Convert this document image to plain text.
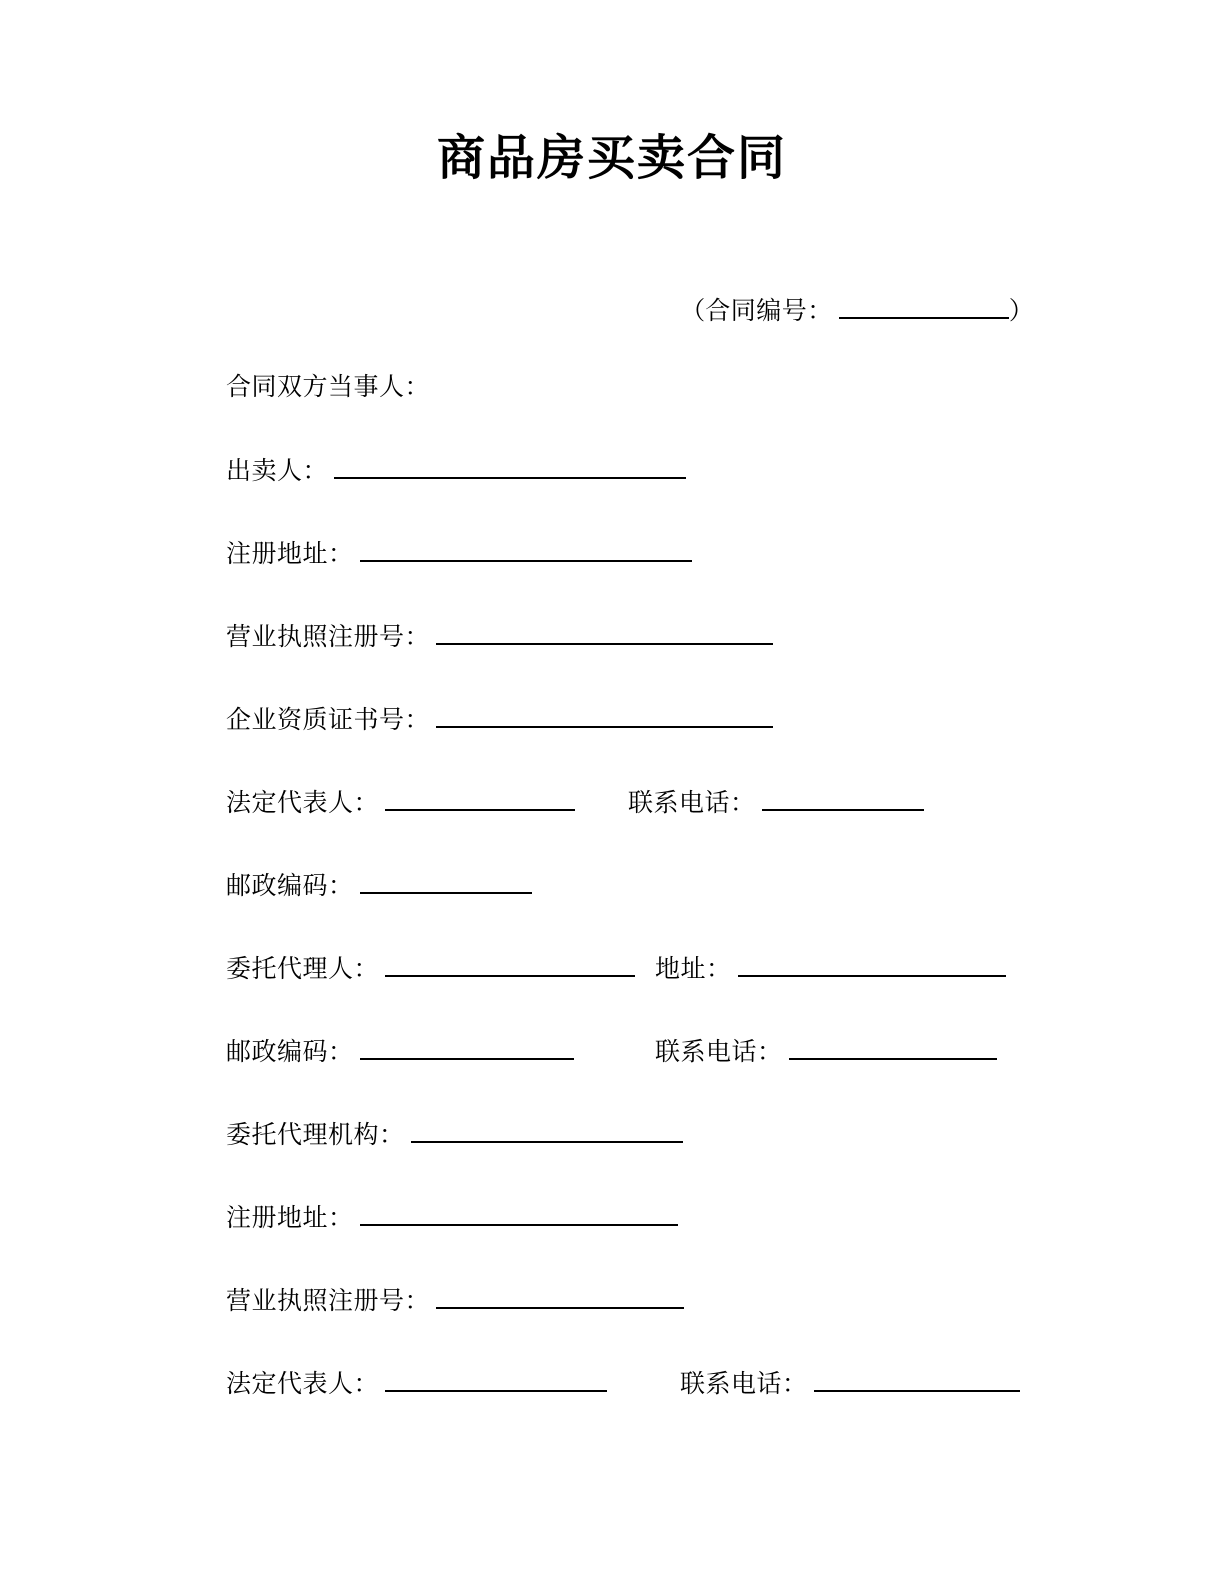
商品房买卖合同
（合同编号：	）
合同双方当事人：
出卖人：
注册地址：
营业执照注册号：
企业资质证书号：
法定代表人：	联系电话：
邮政编码：
委托代理人：	地址：
邮政编码：	联系电话：
委托代理机构：
注册地址：
营业执照注册号：
法定代表人：	联系电话：
